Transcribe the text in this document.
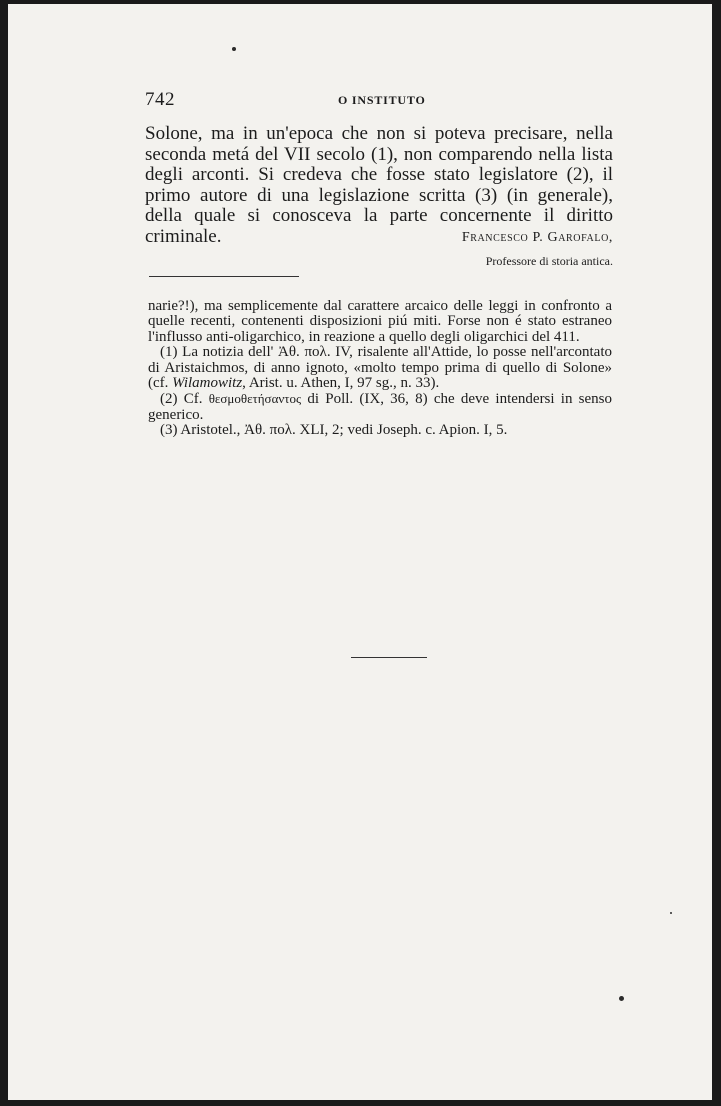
742	O INSTITUTO

Solone, ma in un'epoca che non si poteva precisare, nella seconda metá del VII secolo (1), non comparendo nella lista degli arconti. Si credeva che fosse stato legislatore (2), il primo autore di una legislazione scritta (3) (in generale), della quale si conosceva la parte concernente il diritto criminale.	Francesco P. Garofalo,
Professore di storia antica.

narie?!), ma semplicemente dal carattere arcaico delle leggi in confronto a quelle recenti, contenenti disposizioni piú miti. Forse non é stato estraneo l'influsso anti-oligarchico, in reazione a quello degli oligarchici del 411.

(1) La notizia dell' Ἀθ. πολ. IV, risalente all'Attide, lo posse nell'arcontato di Aristaichmos, di anno ignoto, «molto tempo prima di quello di Solone» (cf. Wilamowitz, Arist. u. Athen, I, 97 sg., n. 33).

(2) Cf. θεσμοθετήσαντος di Poll. (IX, 36, 8) che deve intendersi in senso generico.

(3) Aristotel., Ἀθ. πολ. XLI, 2; vedi Joseph. c. Apion. I, 5.
